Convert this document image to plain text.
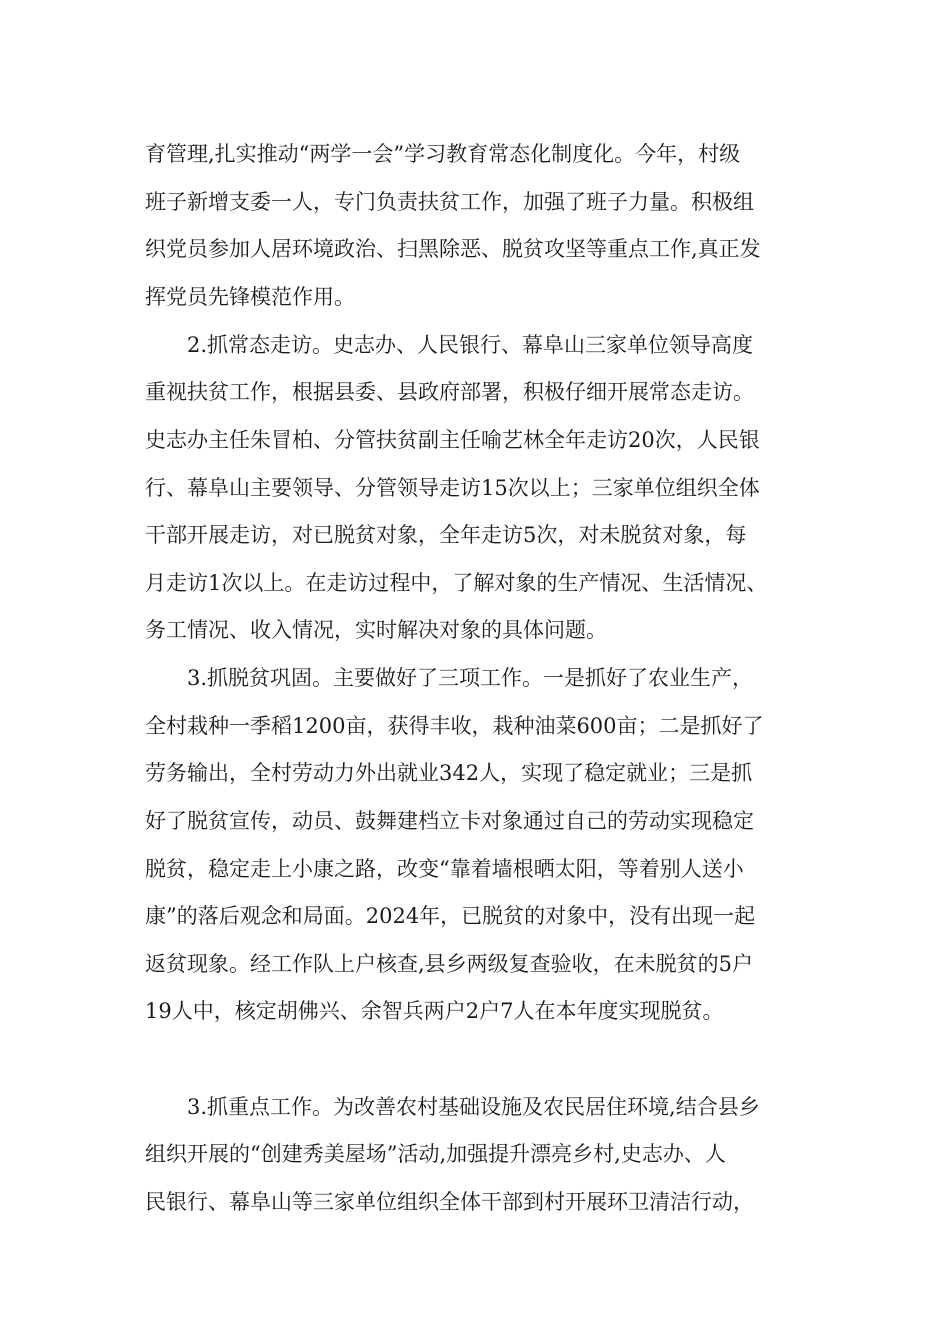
育管理,扎实推动“两学一会”学习教育常态化制度化。今年，村级
班子新增支委一人，专门负责扶贫工作，加强了班子力量。积极组
织党员参加人居环境政治、扫黑除恶、脱贫攻坚等重点工作,真正发
挥党员先锋模范作用。
2.抓常态走访。史志办、人民银行、幕阜山三家单位领导高度
重视扶贫工作，根据县委、县政府部署，积极仔细开展常态走访。
史志办主任朱冒柏、分管扶贫副主任喻艺林全年走访20次，人民银
行、幕阜山主要领导、分管领导走访15次以上；三家单位组织全体
干部开展走访，对已脱贫对象，全年走访5次，对未脱贫对象，每
月走访1次以上。在走访过程中，了解对象的生产情况、生活情况、
务工情况、收入情况，实时解决对象的具体问题。
3.抓脱贫巩固。主要做好了三项工作。一是抓好了农业生产，
全村栽种一季稻1200亩，获得丰收，栽种油菜600亩；二是抓好了
劳务输出，全村劳动力外出就业342人，实现了稳定就业；三是抓
好了脱贫宣传，动员、鼓舞建档立卡对象通过自己的劳动实现稳定
脱贫，稳定走上小康之路，改变“靠着墙根晒太阳，等着别人送小
康”的落后观念和局面。2024年，已脱贫的对象中，没有出现一起
返贫现象。经工作队上户核查,县乡两级复查验收，在未脱贫的5户
19人中，核定胡佛兴、余智兵两户2户7人在本年度实现脱贫。
3.抓重点工作。为改善农村基础设施及农民居住环境,结合县乡
组织开展的“创建秀美屋场”活动,加强提升漂亮乡村,史志办、人
民银行、幕阜山等三家单位组织全体干部到村开展环卫清洁行动，
